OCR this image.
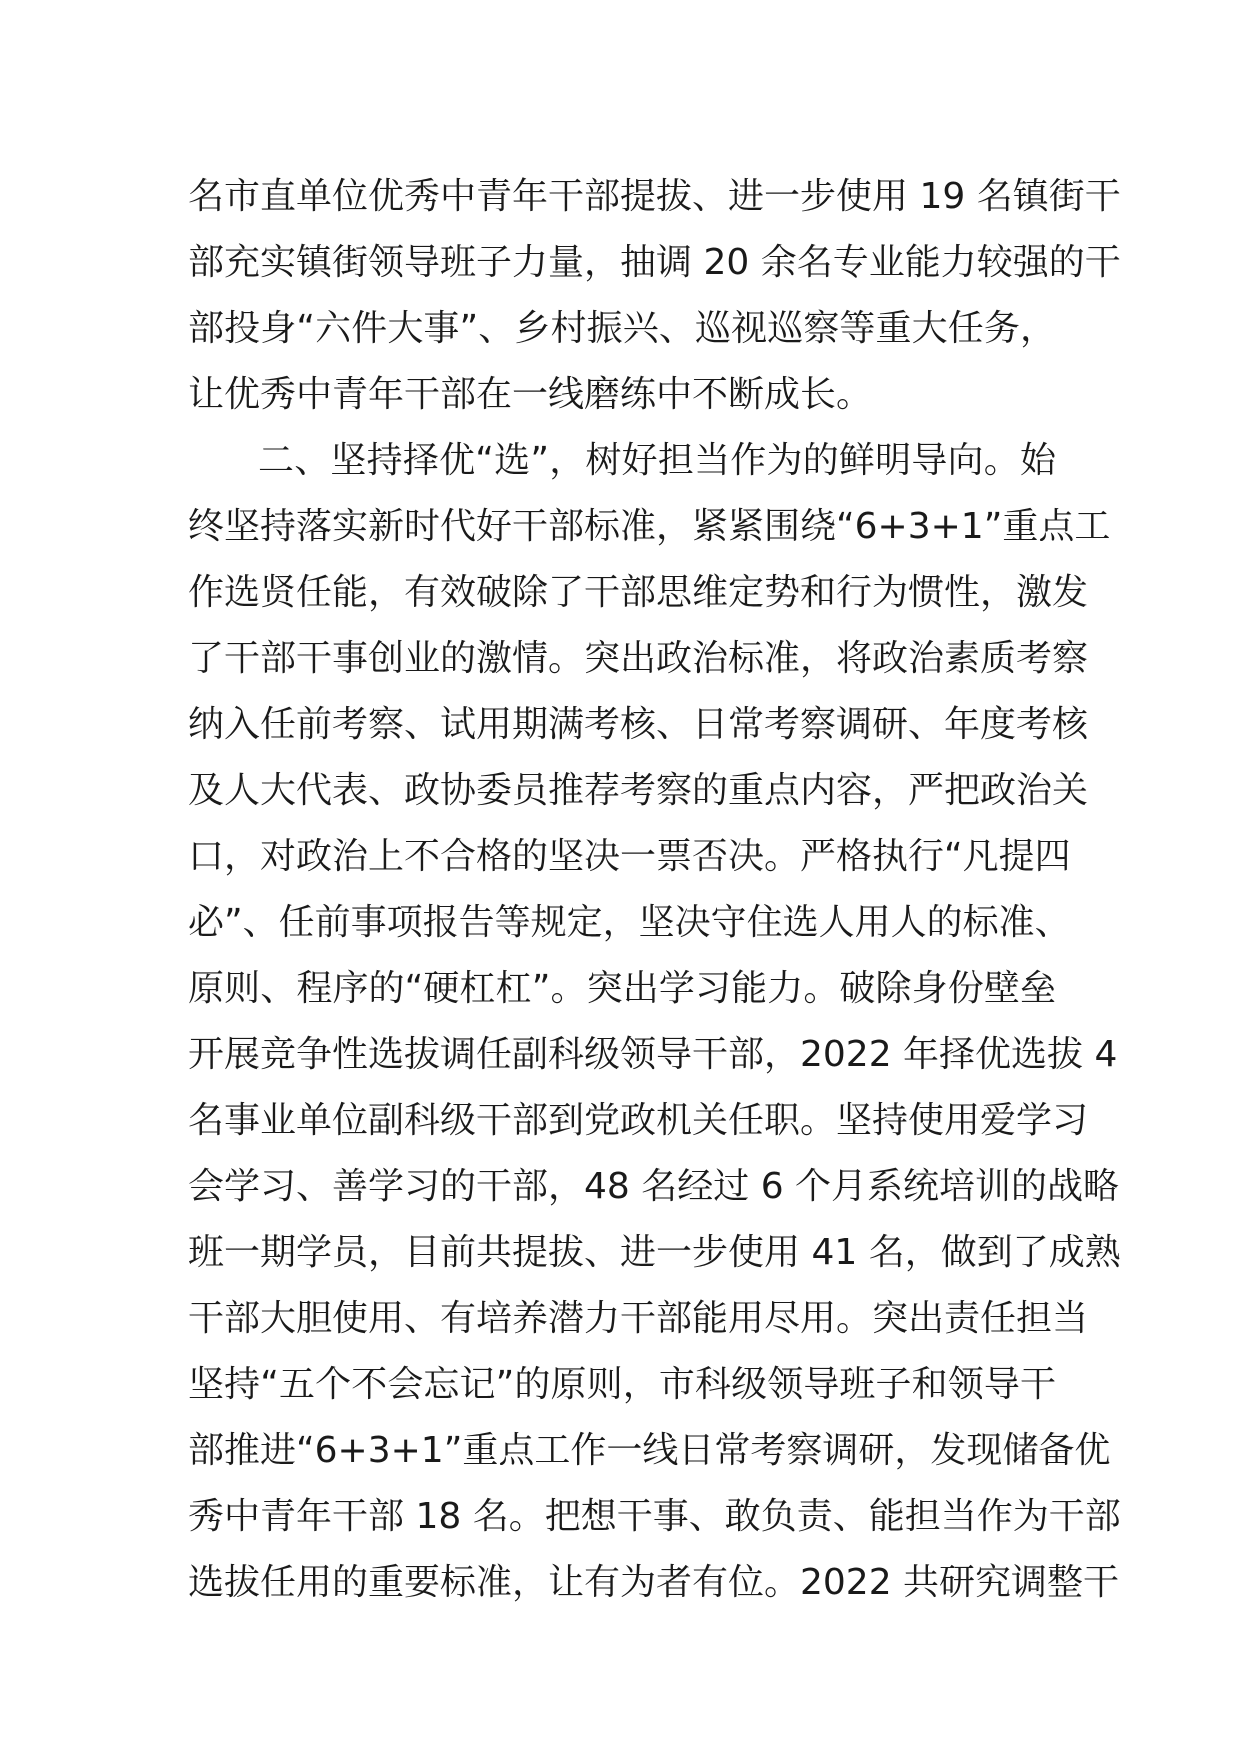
名市直单位优秀中青年干部提拔、进一步使用 19 名镇街干
部充实镇街领导班子力量，抽调 20 余名专业能力较强的干
部投身“六件大事”、乡村振兴、巡视巡察等重大任务，
让优秀中青年干部在一线磨练中不断成长。
二、坚持择优“选”，树好担当作为的鲜明导向。始
终坚持落实新时代好干部标准，紧紧围绕“6+3+1”重点工
作选贤任能，有效破除了干部思维定势和行为惯性，激发
了干部干事创业的激情。突出政治标准，将政治素质考察
纳入任前考察、试用期满考核、日常考察调研、年度考核
及人大代表、政协委员推荐考察的重点内容，严把政治关
口，对政治上不合格的坚决一票否决。严格执行“凡提四
必”、任前事项报告等规定，坚决守住选人用人的标准、
原则、程序的“硬杠杠”。突出学习能力。破除身份壁垒
开展竞争性选拔调任副科级领导干部，2022 年择优选拔 4
名事业单位副科级干部到党政机关任职。坚持使用爱学习
会学习、善学习的干部，48 名经过 6 个月系统培训的战略
班一期学员，目前共提拔、进一步使用 41 名，做到了成熟
干部大胆使用、有培养潜力干部能用尽用。突出责任担当
坚持“五个不会忘记”的原则，市科级领导班子和领导干
部推进“6+3+1”重点工作一线日常考察调研，发现储备优
秀中青年干部 18 名。把想干事、敢负责、能担当作为干部
选拔任用的重要标准，让有为者有位。2022 共研究调整干
